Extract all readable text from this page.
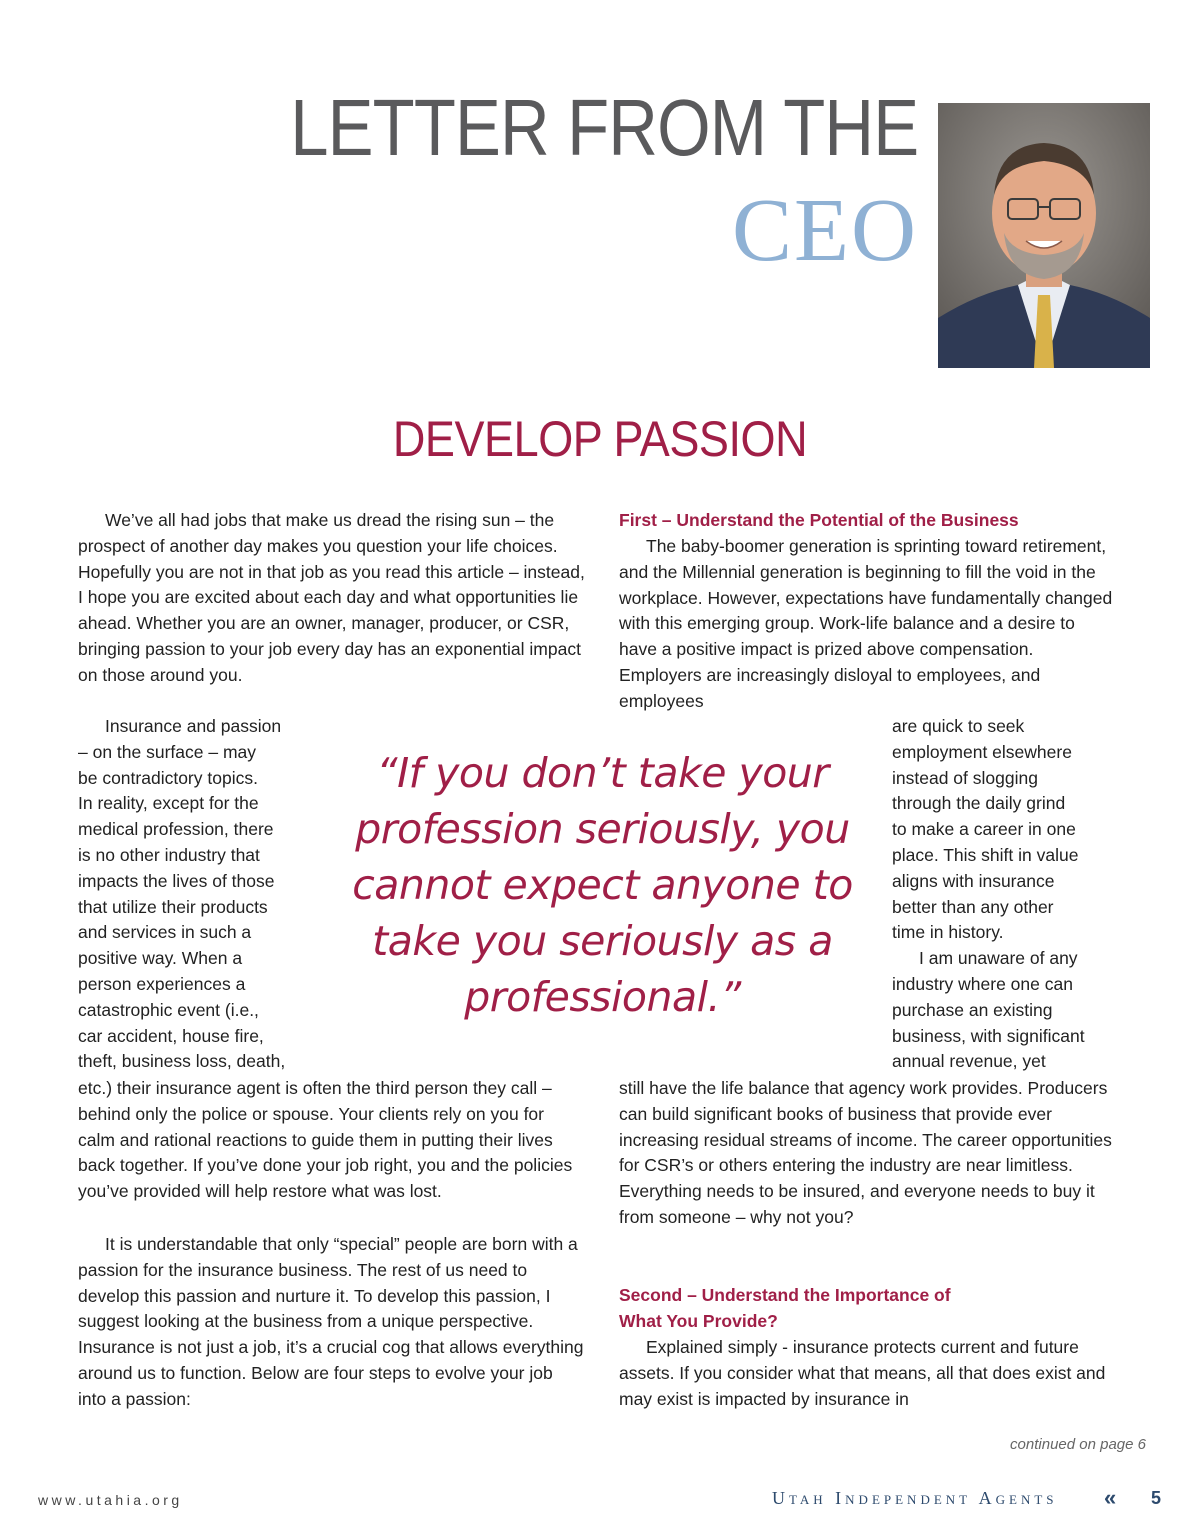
LETTER FROM THE
CEO
DEVELOP PASSION

We’ve all had jobs that make us dread the rising sun – the prospect of another day makes you question your life choices. Hopefully you are not in that job as you read this article – instead, I hope you are excited about each day and what opportunities lie ahead. Whether you are an owner, manager, producer, or CSR, bringing passion to your job every day has an exponential impact on those around you.

Insurance and passion
– on the surface – may
be contradictory topics.
In reality, except for the
medical profession, there
is no other industry that
impacts the lives of those
that utilize their products
and services in such a
positive way. When a
person experiences a
catastrophic event (i.e.,
car accident, house fire,
theft, business loss, death,

etc.) their insurance agent is often the third person they call – behind only the police or spouse. Your clients rely on you for calm and rational reactions to guide them in putting their lives back together. If you’ve done your job right, you and the policies you’ve provided will help restore what was lost.

It is understandable that only “special” people are born with a passion for the insurance business. The rest of us need to develop this passion and nurture it. To develop this passion, I suggest looking at the business from a unique perspective. Insurance is not just a job, it’s a crucial cog that allows everything around us to function. Below are four steps to evolve your job into a passion:

“If you don’t take your profession seriously, you cannot expect anyone to take you seriously as a professional.”
First – Understand the Potential of the Business

The baby-boomer generation is sprinting toward retirement, and the Millennial generation is beginning to fill the void in the workplace. However, expectations have fundamentally changed with this emerging group. Work-life balance and a desire to have a positive impact is prized above compensation. Employers are increasingly disloyal to employees, and employees

are quick to seek
employment elsewhere
instead of slogging
through the daily grind
to make a career in one
place. This shift in value
aligns with insurance
better than any other
time in history.
I am unaware of any
industry where one can
purchase an existing
business, with significant
annual revenue, yet

still have the life balance that agency work provides. Producers can build significant books of business that provide ever increasing residual streams of income. The career opportunities for CSR’s or others entering the industry are near limitless. Everything needs to be insured, and everyone needs to buy it from someone – why not you?

Second – Understand the Importance of
What You Provide?

Explained simply - insurance protects current and future assets. If you consider what that means, all that does exist and may exist is impacted by insurance in

continued on page 6
www.utahia.org	Utah Independent Agents « 5
